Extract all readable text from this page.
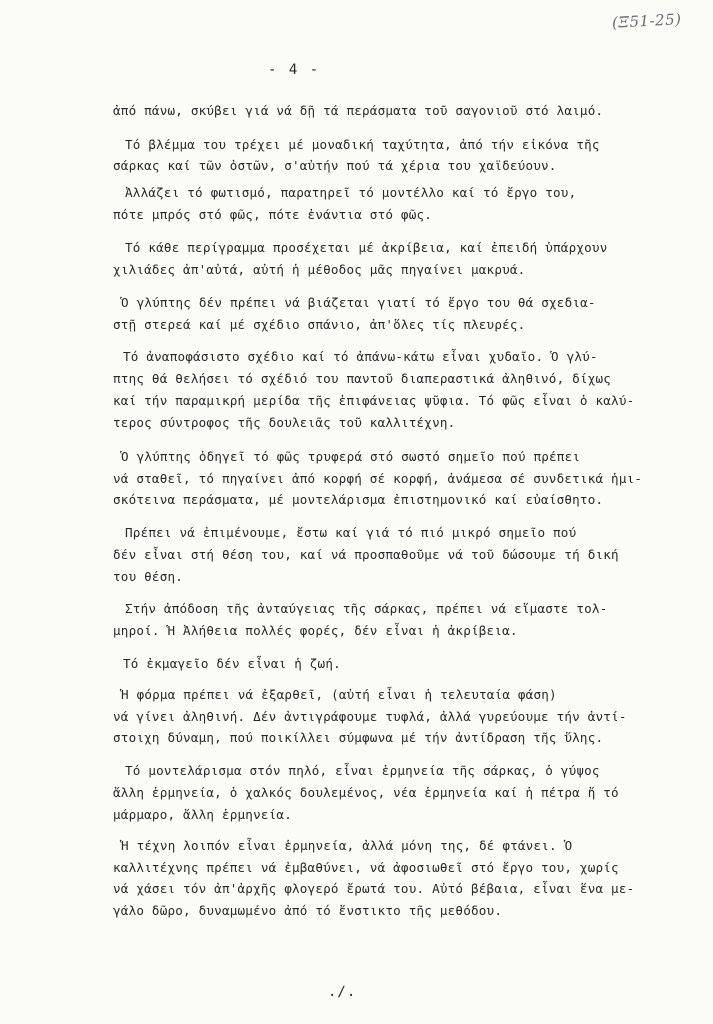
(Ξ51-25)
- 4 -
ἀπό πάνω, σκύβει γιά νά δῇ τά περάσματα τοῦ σαγονιοῦ στό λαιμό.
Τό βλέμμα του τρέχει μέ μοναδική ταχύτητα, ἀπό τήν εἰκόνα τῆς
σάρκας καί τῶν ὀστῶν, σ'αὐτήν πού τά χέρια του χαϊδεύουν.
Ἀλλάζει τό φωτισμό, παρατηρεῖ τό μοντέλλο καί τό ἔργο του,
πότε μπρός στό φῶς, πότε ἐνάντια στό φῶς.
Τό κάθε περίγραμμα προσέχεται μέ ἀκρίβεια, καί ἐπειδή ὑπάρχουν
χιλιάδες ἀπ'αὐτά, αὐτή ἡ μέθοδος μᾶς πηγαίνει μακρυά.
Ὁ γλύπτης δέν πρέπει νά βιάζεται γιατί τό ἔργο του θά σχεδια-
στῇ στερεά καί μέ σχέδιο σπάνιο, ἀπ'ὅλες τίς πλευρές.
Τό ἀναποφάσιστο σχέδιο καί τό ἀπάνω-κάτω εἶναι χυδαῖο. Ὁ γλύ-
πτης θά θελήσει τό σχέδιό του παντοῦ διαπεραστικά ἀληθινό, δίχως
καί τήν παραμικρή μερίδα τῆς ἐπιφάνειας ψῦφια. Τό φῶς εἶναι ὁ καλύ-
τερος σύντροφος τῆς δουλειᾶς τοῦ καλλιτέχνη.
Ὁ γλύπτης ὁδηγεῖ τό φῶς τρυφερά στό σωστό σημεῖο πού πρέπει
νά σταθεῖ, τό πηγαίνει ἀπό κορφή σέ κορφή, ἀνάμεσα σέ συνδετικά ἡμι-
σκότεινα περάσματα, μέ μοντελάρισμα ἐπιστημονικό καί εὐαίσθητο.
Πρέπει νά ἐπιμένουμε, ἔστω καί γιά τό πιό μικρό σημεῖο πού
δέν εἶναι στή θέση του, καί νά προσπαθοῦμε νά τοῦ δώσουμε τή δική
του θέση.
Στήν ἀπόδοση τῆς ἀνταύγειας τῆς σάρκας, πρέπει νά εἴμαστε τολ-
μηροί. Ἡ Ἀλήθεια πολλές φορές, δέν εἶναι ἡ ἀκρίβεια.
Τό ἐκμαγεῖο δέν εἶναι ἡ ζωή.
Ἡ φόρμα πρέπει νά ἐξαρθεῖ, (αὐτή εἶναι ἡ τελευταία φάση)
νά γίνει ἀληθινή. Δέν ἀντιγράφουμε τυφλά, ἀλλά γυρεύουμε τήν ἀντί-
στοιχη δύναμη, πού ποικίλλει σύμφωνα μέ τήν ἀντίδραση τῆς ὕλης.
Τό μοντελάρισμα στόν πηλό, εἶναι ἑρμηνεία τῆς σάρκας, ὁ γύψος
ἄλλη ἑρμηνεία, ὁ χαλκός δουλεμένος, νέα ἑρμηνεία καί ἡ πέτρα ἤ τό
μάρμαρο, ἄλλη ἑρμηνεία.
Ἡ τέχνη λοιπόν εἶναι ἑρμηνεία, ἀλλά μόνη της, δέ φτάνει. Ὁ
καλλιτέχνης πρέπει νά ἐμβαθύνει, νά ἀφοσιωθεῖ στό ἔργο του, χωρίς
νά χάσει τόν ἀπ'ἀρχῆς φλογερό ἔρωτά του. Αὐτό βέβαια, εἶναι ἕνα με-
γάλο δῶρο, δυναμωμένο ἀπό τό ἔνστικτο τῆς μεθόδου.
.∕.
